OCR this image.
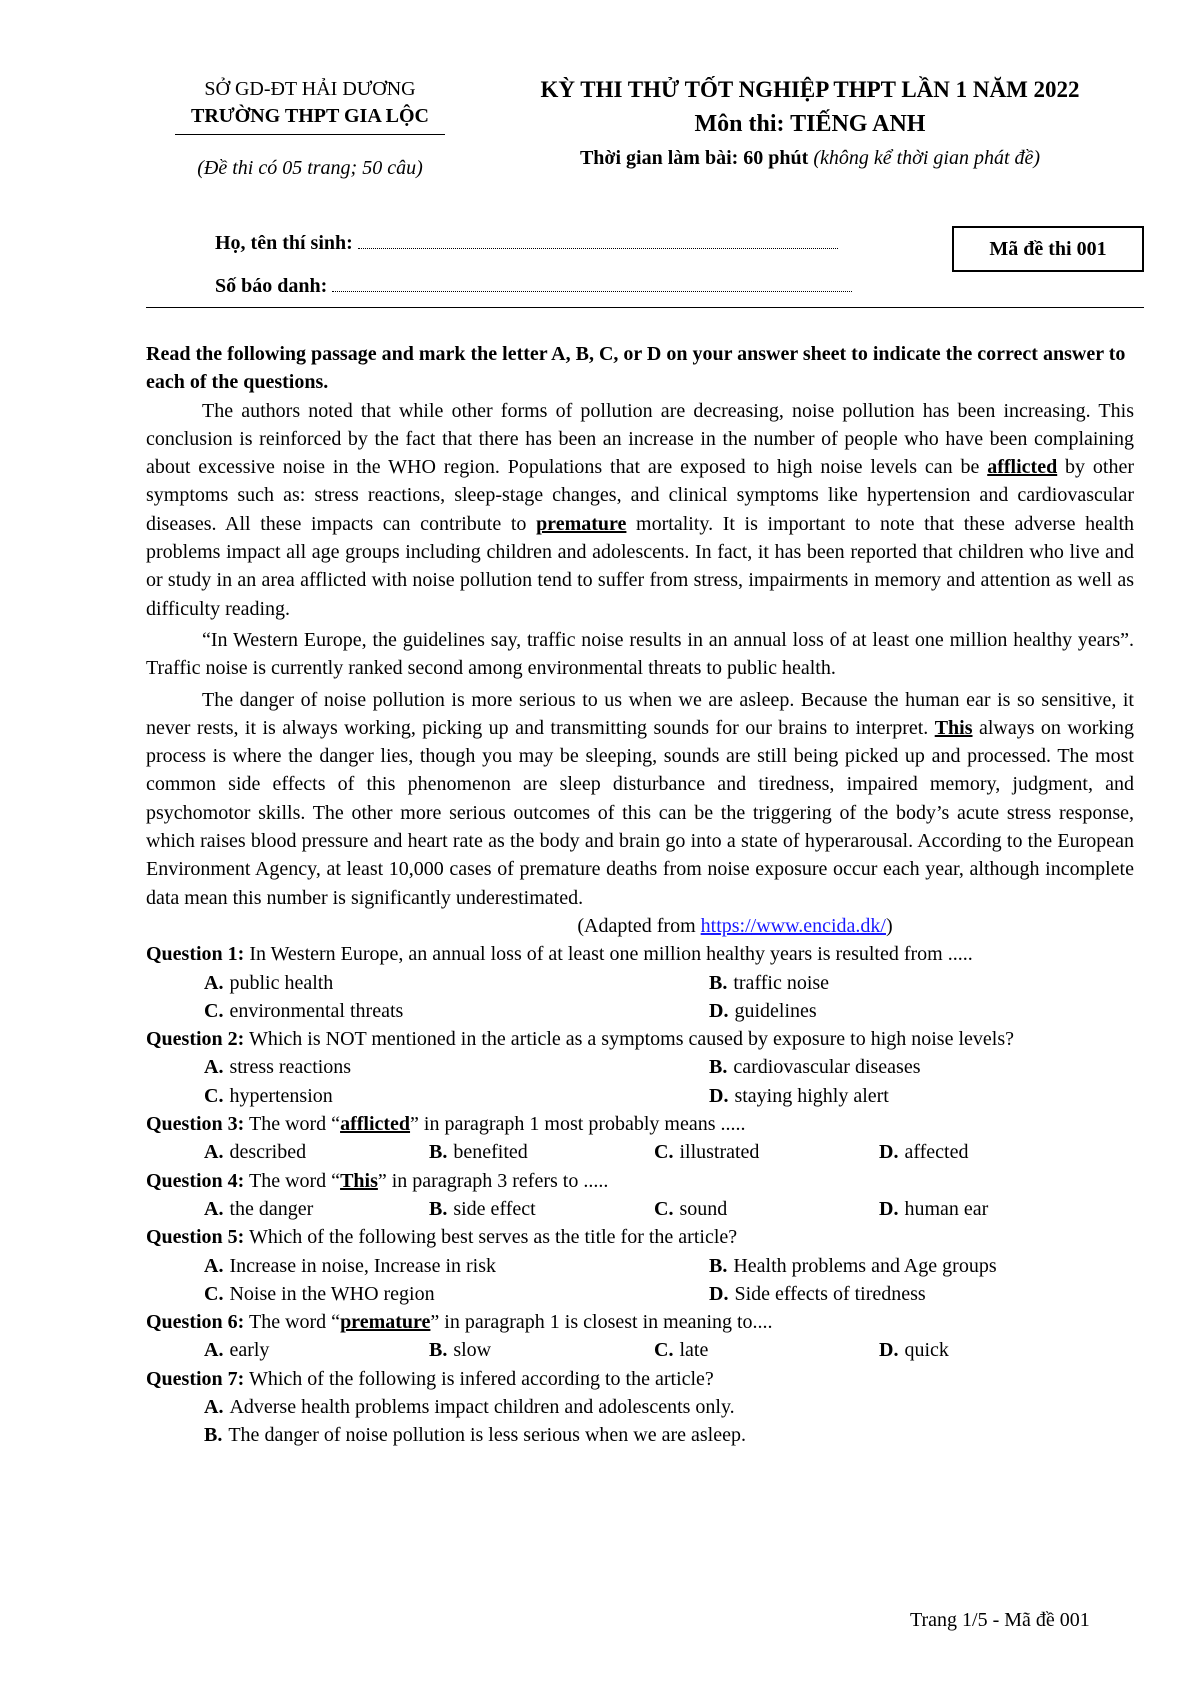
SỞ GD-ĐT HẢI DƯƠNG
TRƯỜNG THPT GIA LỘC
(Đề thi có 05 trang; 50 câu)
KỲ THI THỬ TỐT NGHIỆP THPT LẦN 1 NĂM 2022
Môn thi: TIẾNG ANH
Thời gian làm bài: 60 phút (không kể thời gian phát đề)
Họ, tên thí sinh:
Số báo danh:
Mã đề thi 001

Read the following passage and mark the letter A, B, C, or D on your answer sheet to indicate the correct answer to each of the questions.

The authors noted that while other forms of pollution are decreasing, noise pollution has been increasing. This conclusion is reinforced by the fact that there has been an increase in the number of people who have been complaining about excessive noise in the WHO region. Populations that are exposed to high noise levels can be afflicted by other symptoms such as: stress reactions, sleep-stage changes, and clinical symptoms like hypertension and cardiovascular diseases. All these impacts can contribute to premature mortality. It is important to note that these adverse health problems impact all age groups including children and adolescents. In fact, it has been reported that children who live and or study in an area afflicted with noise pollution tend to suffer from stress, impairments in memory and attention as well as difficulty reading.

“In Western Europe, the guidelines say, traffic noise results in an annual loss of at least one million healthy years”. Traffic noise is currently ranked second among environmental threats to public health.

The danger of noise pollution is more serious to us when we are asleep. Because the human ear is so sensitive, it never rests, it is always working, picking up and transmitting sounds for our brains to interpret. This always on working process is where the danger lies, though you may be sleeping, sounds are still being picked up and processed. The most common side effects of this phenomenon are sleep disturbance and tiredness, impaired memory, judgment, and psychomotor skills. The other more serious outcomes of this can be the triggering of the body’s acute stress response, which raises blood pressure and heart rate as the body and brain go into a state of hyperarousal. According to the European Environment Agency, at least 10,000 cases of premature deaths from noise exposure occur each year, although incomplete data mean this number is significantly underestimated.

(Adapted from https://www.encida.dk/)

Question 1: In Western Europe, an annual loss of at least one million healthy years is resulted from .....

A. public health	B. traffic noise
C. environmental threats	D. guidelines

Question 2: Which is NOT mentioned in the article as a symptoms caused by exposure to high noise levels?

A. stress reactions	B. cardiovascular diseases
C. hypertension	D. staying highly alert

Question 3: The word “afflicted” in paragraph 1 most probably means .....

A. described	B. benefited	C. illustrated	D. affected

Question 4: The word “This” in paragraph 3 refers to .....

A. the danger	B. side effect	C. sound	D. human ear

Question 5: Which of the following best serves as the title for the article?

A. Increase in noise, Increase in risk	B. Health problems and Age groups
C. Noise in the WHO region	D. Side effects of tiredness

Question 6: The word “premature” in paragraph 1 is closest in meaning to....

A. early	B. slow	C. late	D. quick

Question 7: Which of the following is infered according to the article?

A. Adverse health problems impact children and adolescents only.
B. The danger of noise pollution is less serious when we are asleep.
Trang 1/5 - Mã đề 001
